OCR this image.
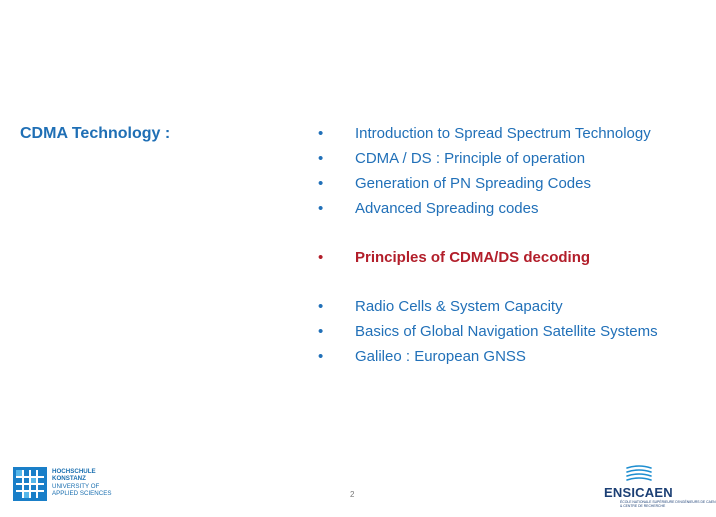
CDMA Technology :	•	Introduction to Spread Spectrum Technology
•	CDMA / DS : Principle of operation
•	Generation of PN Spreading Codes
•	Advanced Spreading codes
•	Principles of CDMA/DS decoding
•	Radio Cells & System Capacity
•	Basics of Global Navigation Satellite Systems
•	Galileo : European GNSS
2
HOCHSCHULE
KONSTANZ
UNIVERSITY OF
APPLIED SCIENCES	ENSICAEN
ÉCOLE NATIONALE SUPÉRIEURE D'INGÉNIEURS DE CAEN
& CENTRE DE RECHERCHE
